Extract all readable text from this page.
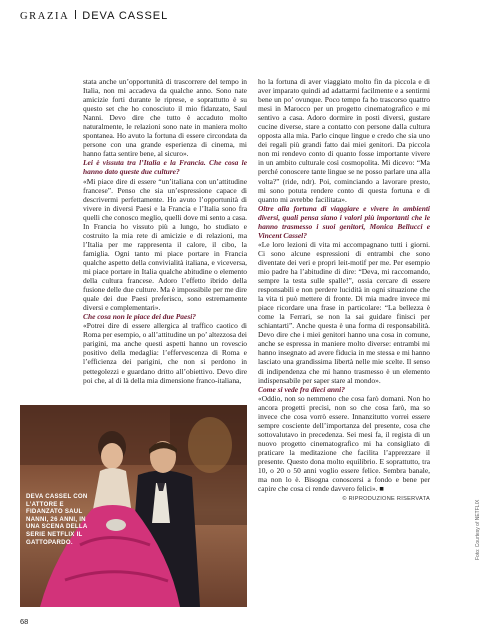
GRAZIA DEVA CASSEL

stata anche un’opportunità di trascorrere del tempo in Italia, non mi accadeva da qualche anno. Sono nate amicizie forti durante le riprese, e soprattutto è su questo set che ho conosciuto il mio fidanzato, Saul Nanni. Devo dire che tutto è accaduto molto naturalmente, le relazioni sono nate in maniera molto spontanea. Ho avuto la fortuna di essere circondata da persone con una grande esperienza di cinema, mi hanno fatta sentire bene, al sicuro».

Lei è vissuta tra l’Italia e la Francia. Che cosa le hanno dato queste due culture?

«Mi piace dire di essere “un’italiana con un’attitudine francese”. Penso che sia un’espressione capace di descrivermi perfettamente. Ho avuto l’opportunità di vivere in diversi Paesi e la Francia e l’Italia sono fra quelli che conosco meglio, quelli dove mi sento a casa. In Francia ho vissuto più a lungo, ho studiato e costruito la mia rete di amicizie e di relazioni, ma l’Italia per me rappresenta il calore, il cibo, la famiglia. Ogni tanto mi piace portare in Francia qualche aspetto della convivialità italiana, e viceversa, mi piace portare in Italia qualche abitudine o elemento della cultura francese. Adoro l’effetto ibrido della fusione delle due culture. Ma è impossibile per me dire quale dei due Paesi preferisco, sono estremamente diversi e complementari».

Che cosa non le piace dei due Paesi?

«Potrei dire di essere allergica al traffico caotico di Roma per esempio, o all’attitudine un po’ altezzosa dei parigini, ma anche questi aspetti hanno un rovescio positivo della medaglia: l’effervescenza di Roma e l’efficienza dei parigini, che non si perdono in pettegolezzi e guardano dritto all’obiettivo. Devo dire poi che, al di là della mia dimensione franco-italiana,

ho la fortuna di aver viaggiato molto fin da piccola e di aver imparato quindi ad adattarmi facilmente e a sentirmi bene un po’ ovunque. Poco tempo fa ho trascorso quattro mesi in Marocco per un progetto cinematografico e mi sentivo a casa. Adoro dormire in posti diversi, gustare cucine diverse, stare a contatto con persone dalla cultura opposta alla mia. Parlo cinque lingue e credo che sia uno dei regali più grandi fatto dai miei genitori. Da piccola non mi rendevo conto di quanto fosse importante vivere in un ambito culturale così cosmopolita. Mi dicevo: “Ma perché conoscere tante lingue se ne posso parlare una alla volta?” (ride, ndr). Poi, cominciando a lavorare presto, mi sono potuta rendere conto di questa fortuna e di quanto mi avrebbe facilitata».

Oltre alla fortuna di viaggiare e vivere in ambienti diversi, quali pensa siano i valori più importanti che le hanno trasmesso i suoi genitori, Monica Bellucci e Vincent Cassel?

«Le loro lezioni di vita mi accompagnano tutti i giorni. Ci sono alcune espressioni di entrambi che sono diventate dei veri e propri leit-motif per me. Per esempio mio padre ha l’abitudine di dire: “Deva, mi raccomando, sempre la testa sulle spalle!”, ossia cercare di essere responsabili e non perdere lucidità in ogni situazione che la vita ti può mettere di fronte. Di mia madre invece mi piace ricordare una frase in particolare: “La bellezza è come la Ferrari, se non la sai guidare finisci per schiantarti”. Anche questa è una forma di responsabilità. Devo dire che i miei genitori hanno una cosa in comune, anche se espressa in maniere molto diverse: entrambi mi hanno insegnato ad avere fiducia in me stessa e mi hanno lasciato una grandissima libertà nelle mie scelte. Il senso di indipendenza che mi hanno trasmesso è un elemento indispensabile per saper stare al mondo».

Come si vede fra dieci anni?

«Oddio, non so nemmeno che cosa farò domani. Non ho ancora progetti precisi, non so che cosa farò, ma so invece che cosa vorrò essere. Innanzitutto vorrei essere sempre cosciente dell’importanza del presente, cosa che sottovalutavo in precedenza. Sei mesi fa, il regista di un nuovo progetto cinematografico mi ha consigliato di praticare la meditazione che facilita l’apprezzare il presente. Questo dona molto equilibrio. E soprattutto, tra 10, o 20 o 50 anni voglio essere felice. Sembra banale, ma non lo è. Bisogna conoscersi a fondo e bene per capire che cosa ci rende davvero felici». ■

© RIPRODUZIONE RISERVATA
DEVA CASSEL CON L’ATTORE E FIDANZATO SAUL NANNI, 26 ANNI, IN UNA SCENA DELLA SERIE NETFLIX IL GATTOPARDO.	Foto: Courtesy of NETFLIX
68
